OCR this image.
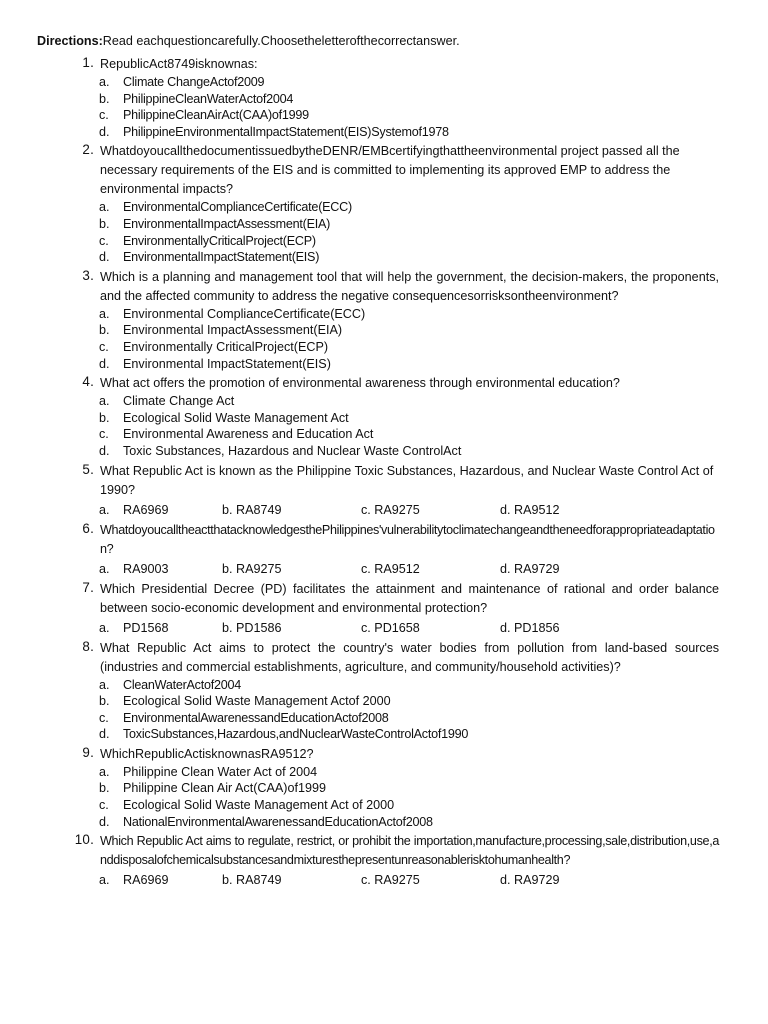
Directions:Read eachquestioncarefully.Choosetheletterofthecorrectanswer.
1. RepublicAct8749isknownas:
a.	Climate ChangeActof2009
b.	PhilippineCleanWaterActof2004
c.	PhilippineCleanAirAct(CAA)of1999
d.	PhilippineEnvironmentalImpactStatement(EIS)Systemof1978
2. WhatdoyoucallthedocumentissuedbytheDENR/EMBcertifyingthattheenvironmental project passed all the necessary requirements of the EIS and is committed to implementing its approved EMP to address the environmental impacts?
a.	EnvironmentalComplianceCertificate(ECC)
b.	EnvironmentalImpactAssessment(EIA)
c.	EnvironmentallyCriticalProject(ECP)
d.	EnvironmentalImpactStatement(EIS)
3. Which is a planning and management tool that will help the government, the decision-makers, the proponents, and the affected community to address the negative consequencesorrisksontheenvironment?
a.	Environmental ComplianceCertificate(ECC)
b.	Environmental ImpactAssessment(EIA)
c.	Environmentally CriticalProject(ECP)
d.	Environmental ImpactStatement(EIS)
4. What act offers the promotion of environmental awareness through environmental education?
a.	Climate Change Act
b.	Ecological Solid Waste Management Act
c.	Environmental Awareness and Education Act
d.	Toxic Substances, Hazardous and Nuclear Waste ControlAct
5. What Republic Act is known as the Philippine Toxic Substances, Hazardous, and Nuclear Waste Control Act of 1990?
a.	RA6969	b. RA8749	c. RA9275	d. RA9512
6. WhatdoyoucalltheactthatacknowledgesthePhilippines'vulnerabilitytoclimatechangeandtheneedforappropriateadaptation?
a.	RA9003	b. RA9275	c. RA9512	d. RA9729
7. Which Presidential Decree (PD) facilitates the attainment and maintenance of rational and order balance between socio-economic development and environmental protection?
a.	PD1568	b. PD1586	c. PD1658	d. PD1856
8. What Republic Act aims to protect the country's water bodies from pollution from land-based sources (industries and commercial establishments, agriculture, and community/household activities)?
a.	CleanWaterActof2004
b.	Ecological Solid Waste Management Actof 2000
c.	EnvironmentalAwarenessandEducationActof2008
d.	ToxicSubstances,Hazardous,andNuclearWasteControlActof1990
9. WhichRepublicActisknownasRA9512?
a.	Philippine Clean Water Act of 2004
b.	Philippine Clean Air Act(CAA)of1999
c.	Ecological Solid Waste Management Act of 2000
d.	NationalEnvironmentalAwarenessandEducationActof2008
10. Which Republic Act aims to regulate, restrict, or prohibit the importation,manufacture,processing,sale,distribution,use,anddisposalofchemicalsubstancesandmixturesthepresentunreasonablerisktohumanhealth?
a.	RA6969	b. RA8749	c. RA9275	d. RA9729
